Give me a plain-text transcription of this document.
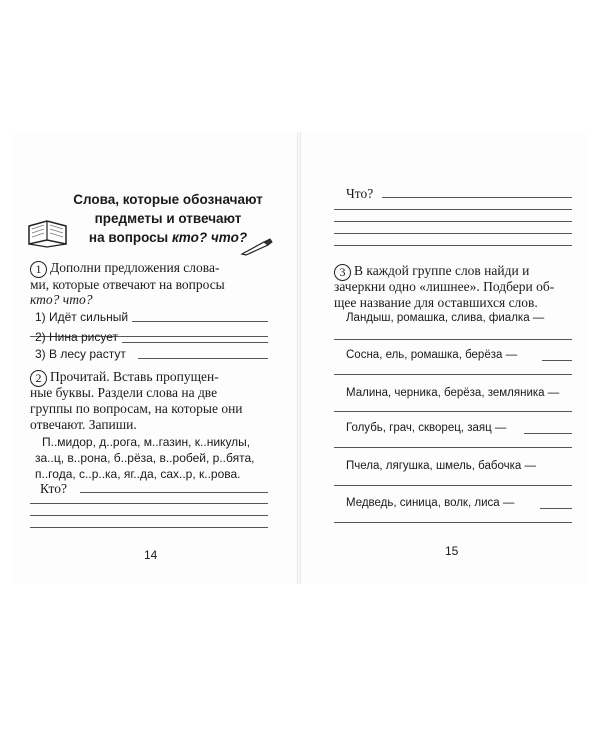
Слова, которые обозначают
предметы и отвечают
на вопросы кто? что?
1 Дополни предложения слова-
ми, которые отвечают на вопросы
кто? что?
1) Идёт сильный
2) Нина рисует
3) В лесу растут
2 Прочитай. Вставь пропущен-
ные буквы. Раздели слова на две
группы по вопросам, на которые они
отвечают. Запиши.
П..мидор, д..рога, м..газин, к..никулы,
за..ц, в..рона, б..рёза, в..робей, р..бята,
п..года, с..р..ка, яг..да, сах..р, к..рова.
Кто?
14
Что?
3 В каждой группе слов найди и
зачеркни одно «лишнее». Подбери об-
щее название для оставшихся слов.
Ландыш, ромашка, слива, фиалка —
Сосна, ель, ромашка, берёза —
Малина, черника, берёза, земляника —
Голубь, грач, скворец, заяц —
Пчела, лягушка, шмель, бабочка —
Медведь, синица, волк, лиса —
15
